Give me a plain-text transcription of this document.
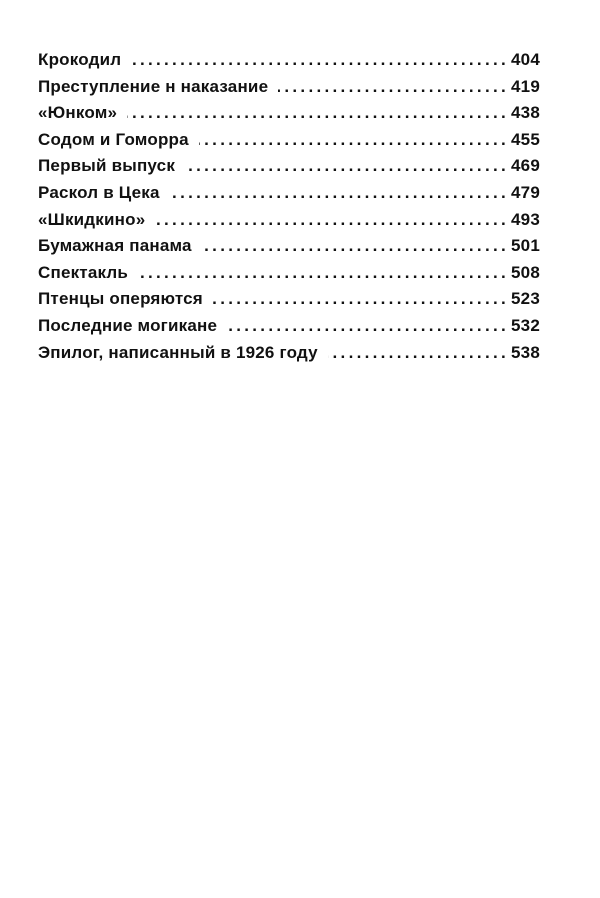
Крокодил .....	404
Преступление н наказание .....	419
«Юнком» .....	438
Содом и Гоморра .....	455
Первый выпуск .....	469
Раскол в Цека .....	479
«Шкидкино» .....	493
Бумажная панама .....	501
Спектакль .....	508
Птенцы оперяются .....	523
Последние могикане .....	532
Эпилог, написанный в 1926 году .....	538
